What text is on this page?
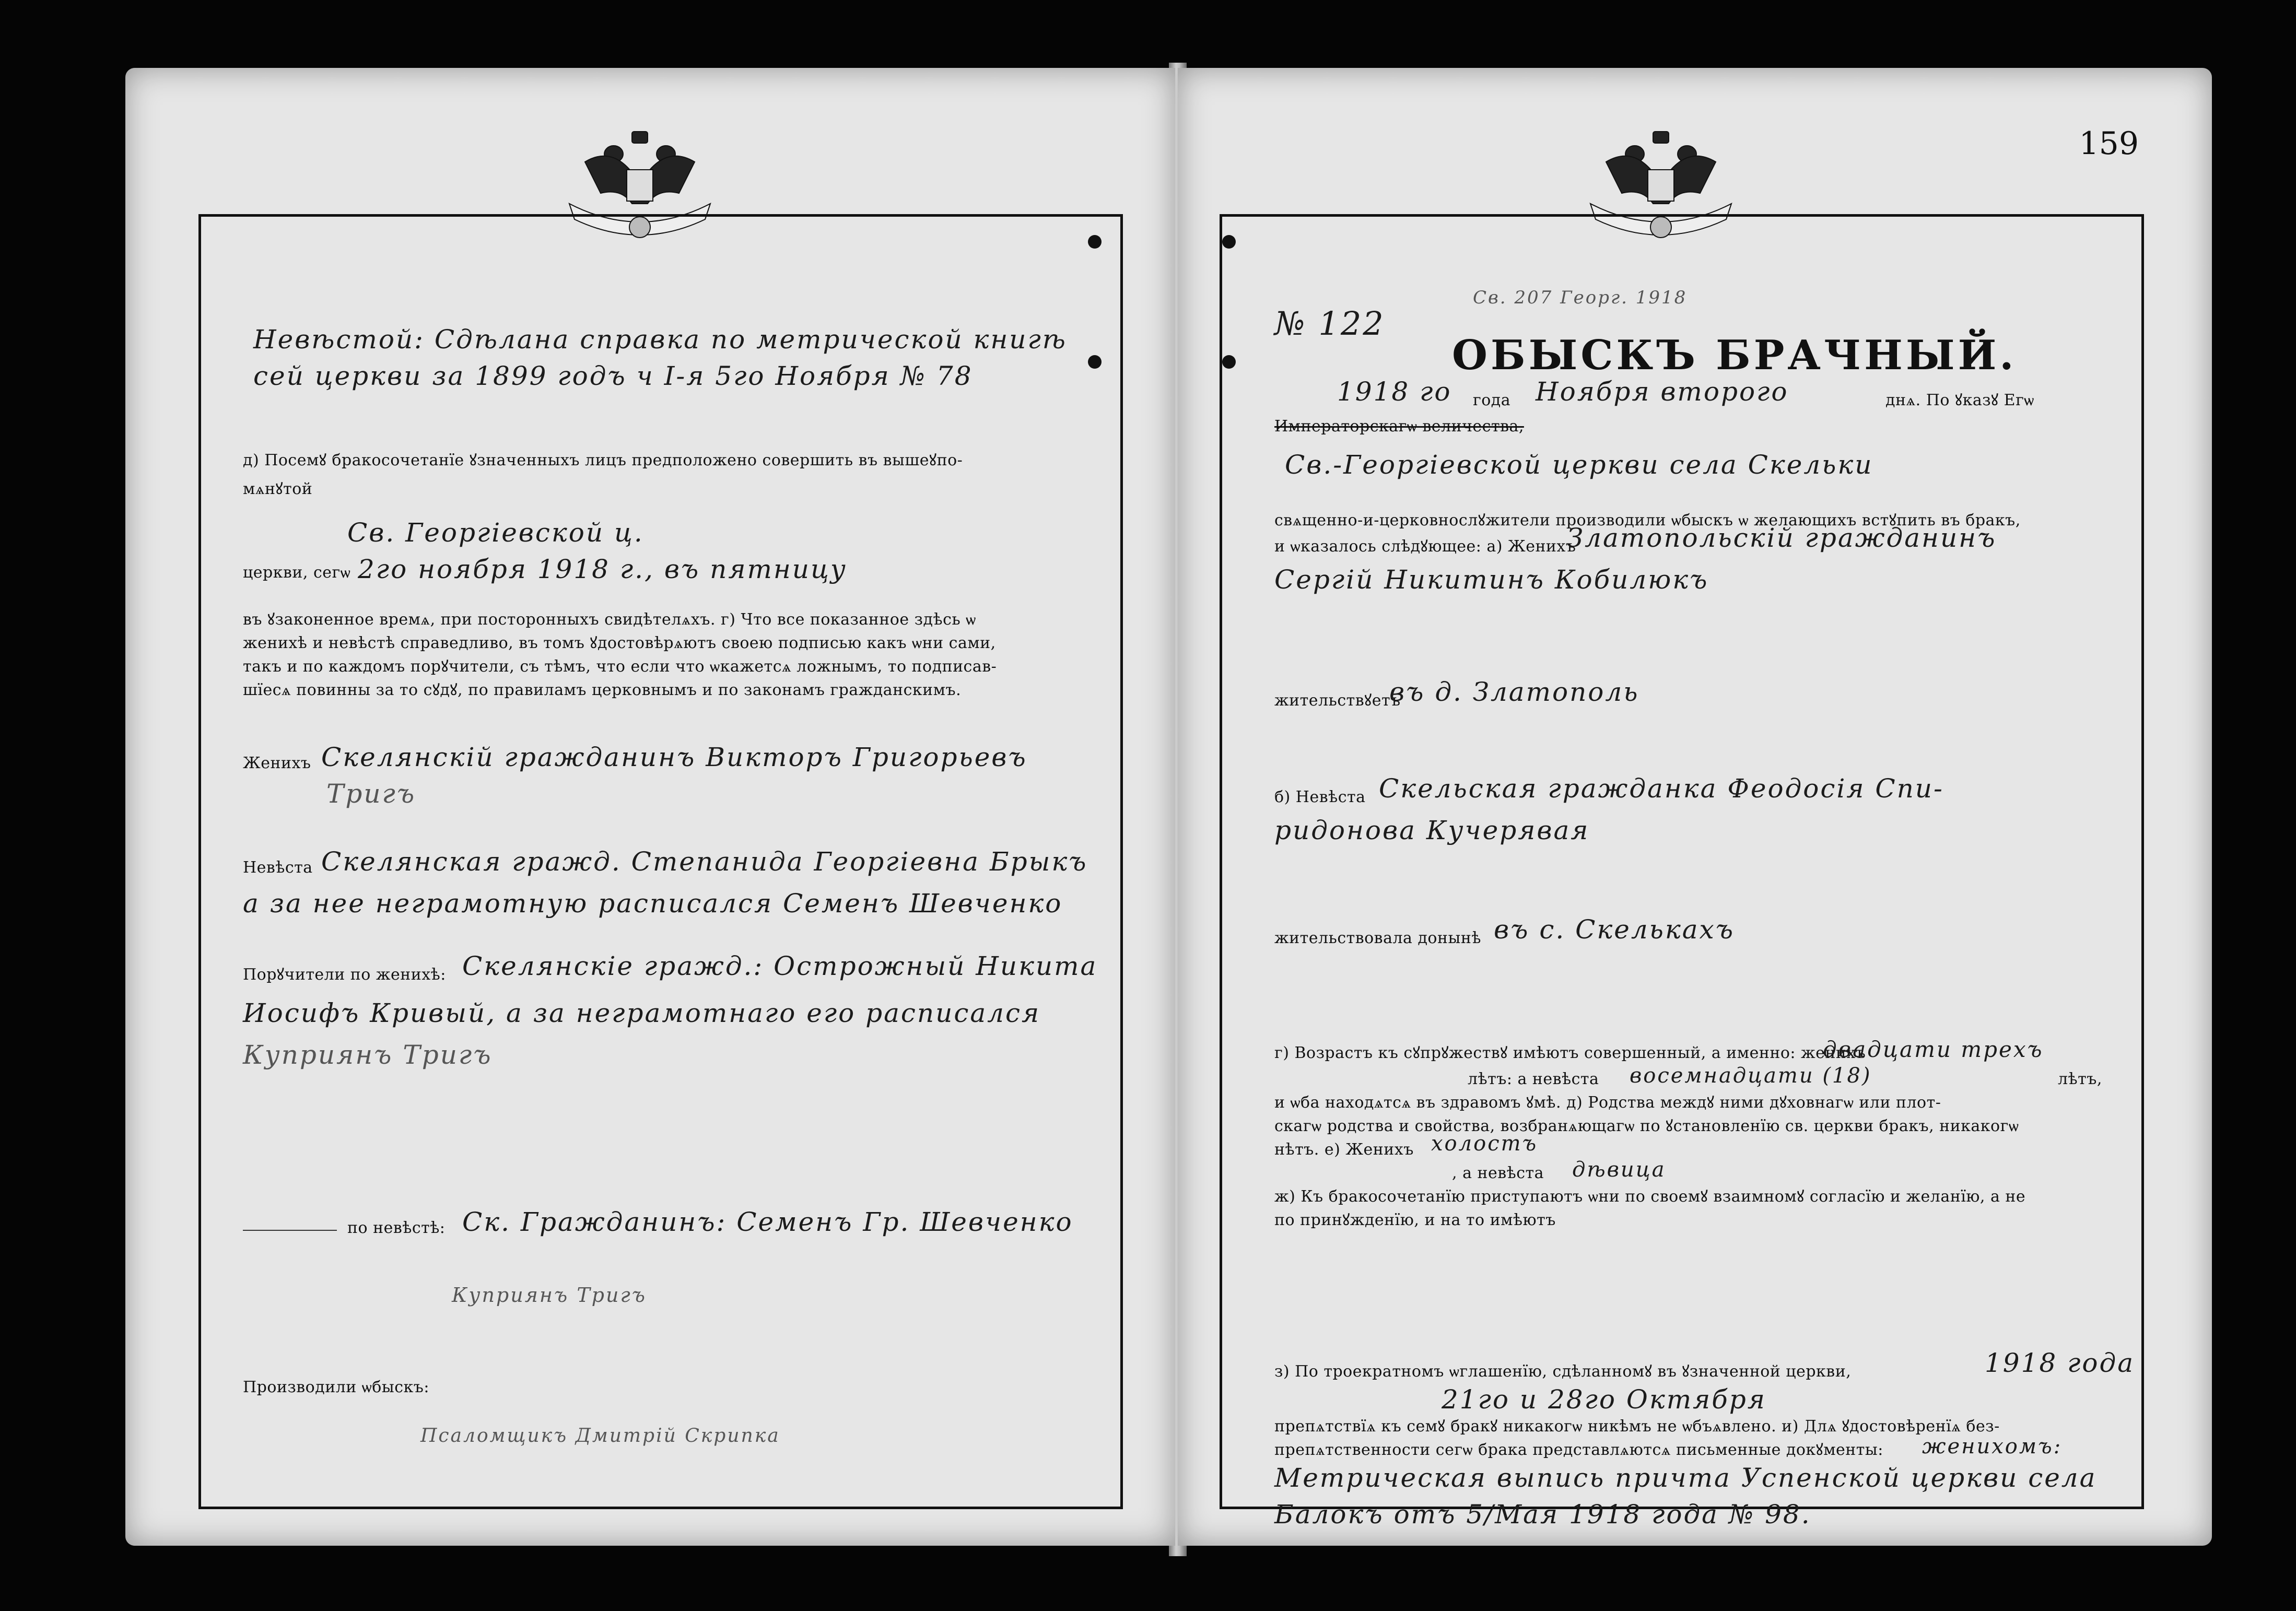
Невѣстой: Сдѣлана справка по метрической книгѣ
сей церкви за 1899 годъ ч I-я 5го Ноября № 78
д) Посемꙋ бракосочетанїе ꙋзначенныхъ лицъ предположено совершить въ вышеꙋпо-
мѧнꙋтой
Св. Георгіевской ц.
церкви, сегѡ 2го ноября 1918 г., въ пятницу
въ ꙋзаконенное времѧ, при посторонныхъ свидѣтелѧхъ. г) Что все показанное здѣсь ѡ
женихѣ и невѣстѣ справедливо, въ томъ ꙋдостовѣрѧютъ своею подписью какъ ѡни сами,
такъ и по каждомъ порꙋчители, съ тѣмъ, что если что ѡкажетсѧ ложнымъ, то подписав-
шїесѧ повинны за то сꙋдꙋ, по правиламъ церковнымъ и по законамъ гражданскимъ.
Женихъ Скелянскій гражданинъ Викторъ Григорьевъ
Тригъ
Невѣста Скелянская гражд. Степанида Георгіевна Брыкъ
а за нее неграмотную расписался Семенъ Шевченко
Порꙋчители по женихѣ: Скелянскіе гражд.: Острожный Никита
Иосифъ Кривый, а за неграмотнаго его расписался
Куприянъ Тригъ
по невѣстѣ: Ск. Гражданинъ: Семенъ Гр. Шевченко
Куприянъ Тригъ
Производили ѡбыскъ:
Псаломщикъ Дмитрій Скрипка
159
№ 122
Св. 207 Георг. 1918
ОБЫСКЪ БРАЧНЫЙ.
1918 го года Ноября второго	днѧ. По ꙋказꙋ Егѡ
Императорскагѡ величества,
Св.-Георгіевской церкви села Скельки
свѧщенно-и-церковнослꙋжители производили ѡбыскъ ѡ желающихъ встꙋпить въ бракъ,
и ѡказалось слѣдꙋющее: а) Женихъ
Златопольскій гражданинъ
Сергій Никитинъ Кобилюкъ
жительствꙋетъ
въ д. Златополь
б) Невѣста Скельская гражданка Феодосія Спи-
ридонова Кучерявая
жительствовала донынѣ въ с. Скелькахъ
г) Возрастъ къ сꙋпрꙋжествꙋ имѣютъ совершенный, а именно: женихъ
двадцати трехъ
лѣтъ: а невѣста восемнадцати (18)	лѣтъ,
и ѡба находѧтсѧ въ здравомъ ꙋмѣ. д) Родства междꙋ ними дꙋховнагѡ или плот-
скагѡ родства и свойства, возбранѧющагѡ по ꙋстановленїю св. церкви бракъ, никакогѡ
нѣтъ. е) Женихъ холостъ
, а невѣста дѣвица
ж) Къ бракосочетанїю приступаютъ ѡни по своемꙋ взаимномꙋ согласїю и желанїю, а не
по принꙋжденїю, и на то имѣютъ
з) По троекратномъ ѡглашенїю, сдѣланномꙋ въ ꙋзначенной церкви,	1918 года
21го и 28го Октября
препѧтствїѧ къ семꙋ бракꙋ никакогѡ никѣмъ не ѡбъѧвлено. и) Длѧ ꙋдостовѣренїѧ без-
препѧтственности сегѡ брака представлѧютсѧ письменные докꙋменты: женихомъ:
Метрическая выпись причта Успенской церкви села
Балокъ отъ 5/Мая 1918 года № 98.
